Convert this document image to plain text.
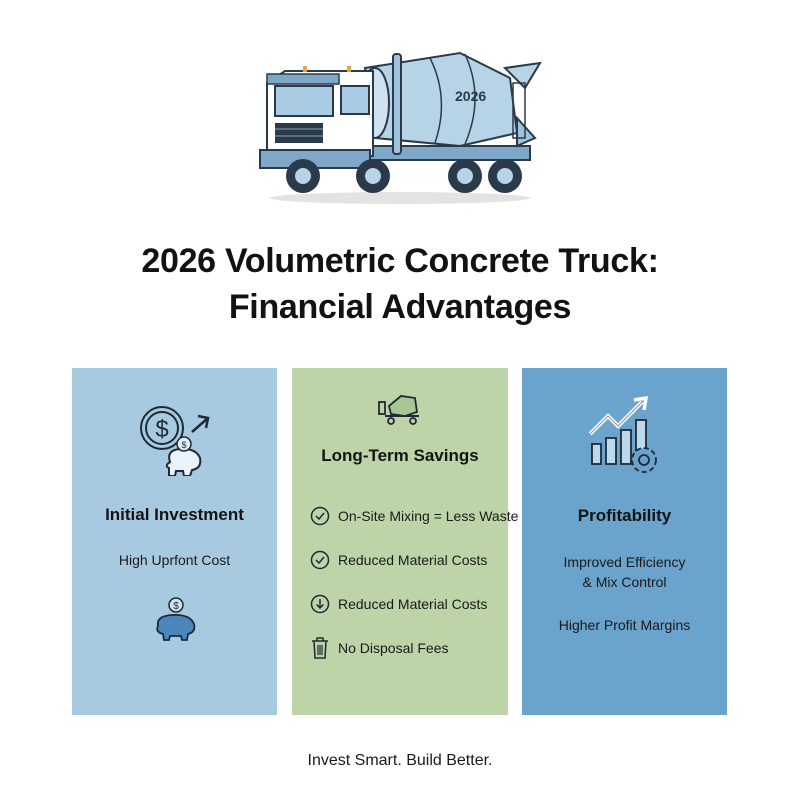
2026
2026 Volumetric Concrete Truck:
Financial Advantages
$
$
Initial Investment
High Uprfont Cost
$
Long-Term Savings
On-Site Mixing = Less Waste
Reduced Material Costs
Reduced Material Costs
No Disposal Fees
Profitability
Improved Efficiency
& Mix Control
Higher Profit Margins
Invest Smart. Build Better.
